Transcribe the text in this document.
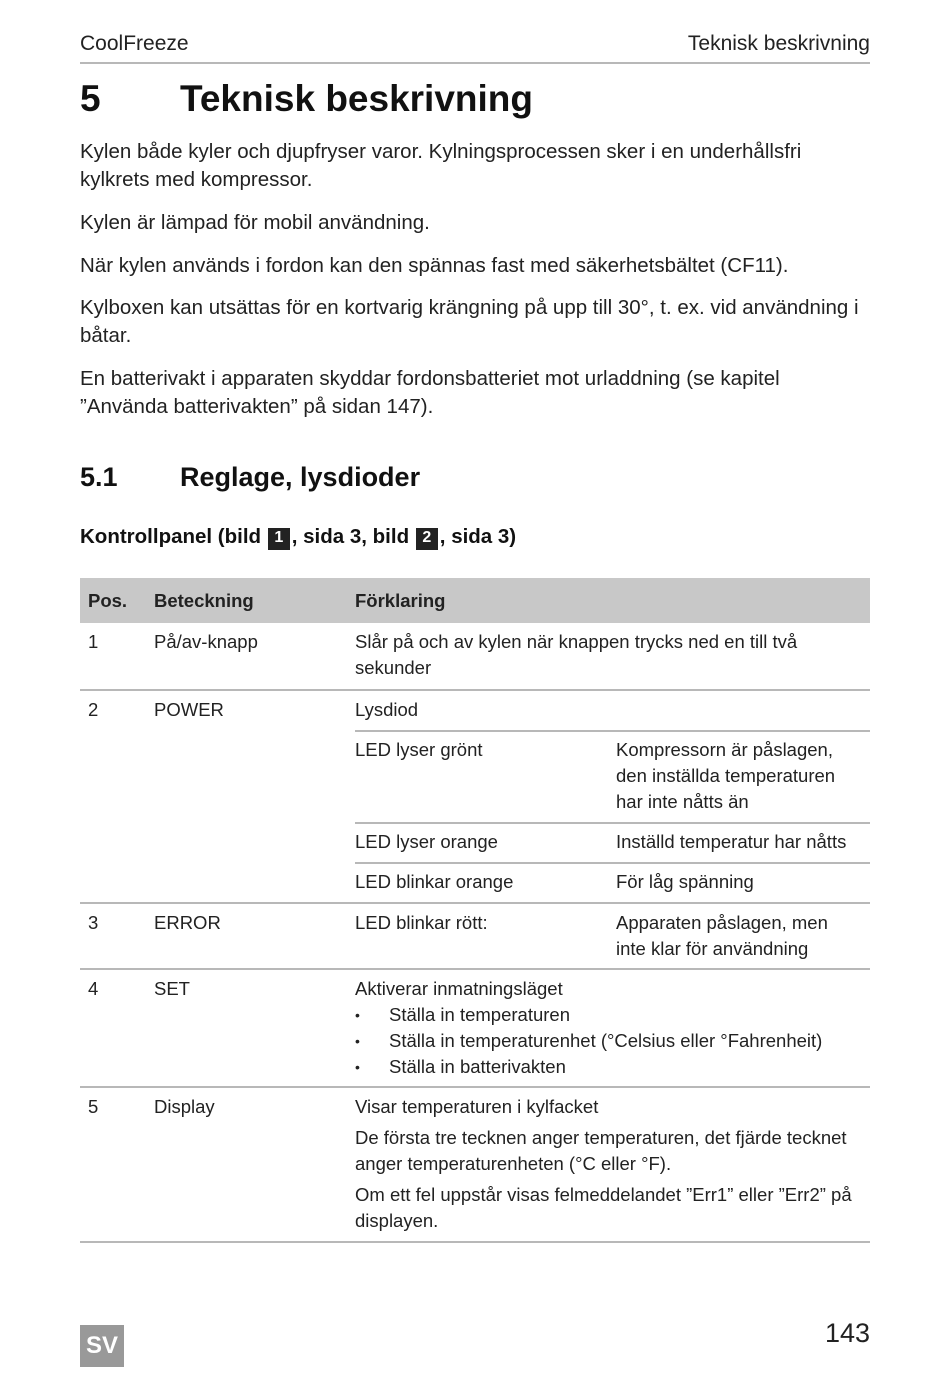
CoolFreeze	Teknisk beskrivning
5 Teknisk beskrivning
Kylen både kyler och djupfryser varor. Kylningsprocessen sker i en underhållsfri kylkrets med kompressor.
Kylen är lämpad för mobil användning.
När kylen används i fordon kan den spännas fast med säkerhetsbältet (CF11).
Kylboxen kan utsättas för en kortvarig krängning på upp till 30°, t. ex. vid användning i båtar.
En batterivakt i apparaten skyddar fordonsbatteriet mot urladdning (se kapitel ”Använda batterivakten” på sidan 147).
5.1 Reglage, lysdioder
Kontrollpanel (bild 1 , sida 3, bild 2 , sida 3)
Pos. Beteckning	Förklaring
1	På/av-knapp	Slår på och av kylen när knappen trycks ned en till två sekunder
2	POWER	Lysdiod
LED lyser grönt	Kompressorn är påslagen, den inställda temperaturen har inte nåtts än
LED lyser orange	Inställd temperatur har nåtts
LED blinkar orange	För låg spänning
3	ERROR	LED blinkar rött:	Apparaten påslagen, men inte klar för användning
4	SET	Aktiverar inmatningsläget
• Ställa in temperaturen
• Ställa in temperaturenhet (°Celsius eller °Fahrenheit)
• Ställa in batterivakten
5	Display	Visar temperaturen i kylfacket
De första tre tecknen anger temperaturen, det fjärde tecknet anger temperaturenheten (°C eller °F).
Om ett fel uppstår visas felmeddelandet ”Err1” eller ”Err2” på displayen.
SV	143
